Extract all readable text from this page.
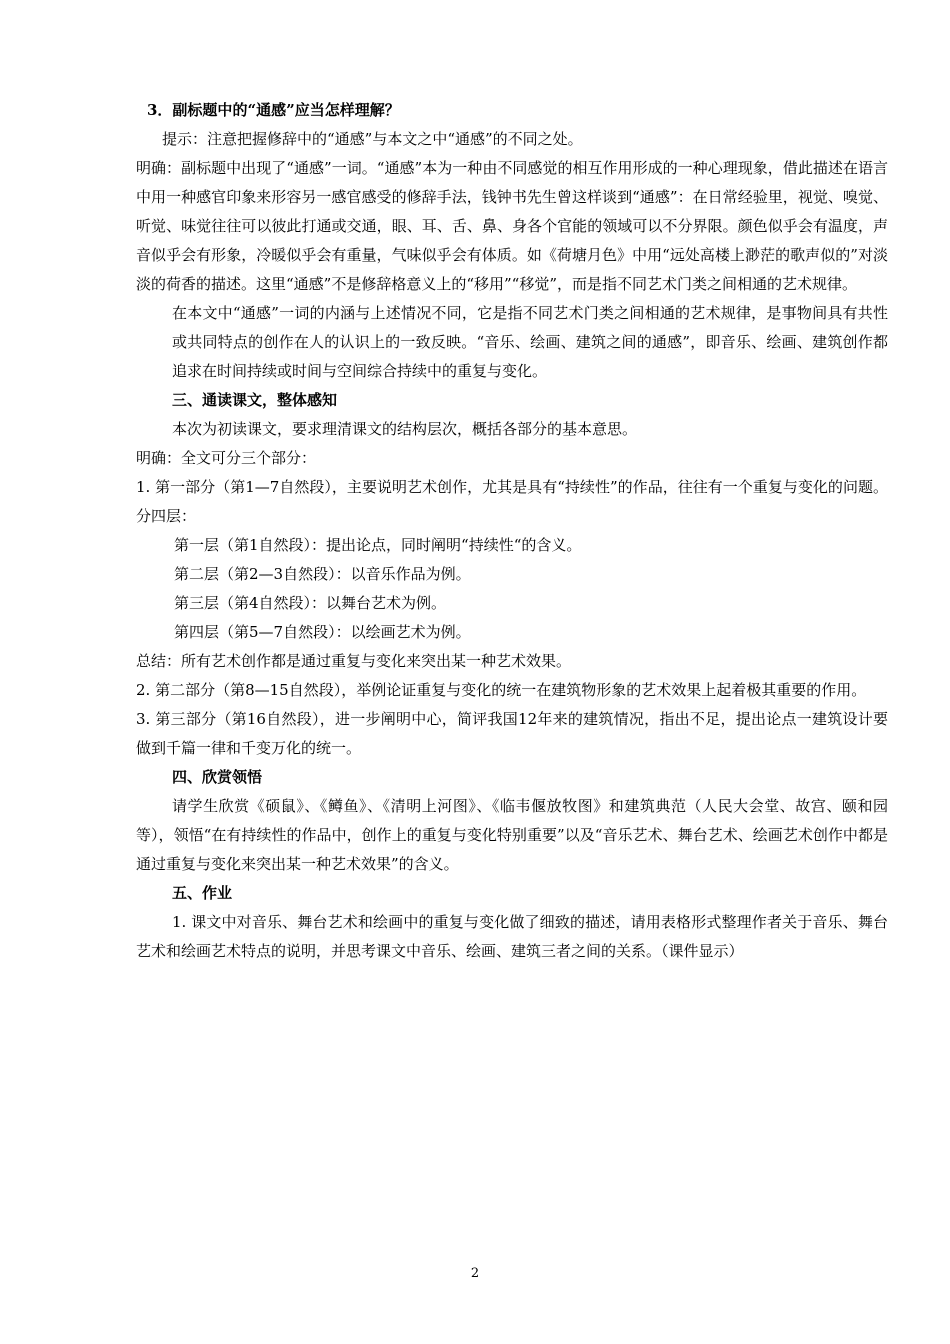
3．副标题中的“通感”应当怎样理解？

提示：注意把握修辞中的“通感”与本文之中“通感”的不同之处。

明确：副标题中出现了“通感”一词。“通感”本为一种由不同感觉的相互作用形成的一种心理现象，借此描述在语言中用一种感官印象来形容另一感官感受的修辞手法，钱钟书先生曾这样谈到“通感”：在日常经验里，视觉、嗅觉、听觉、味觉往往可以彼此打通或交通，眼、耳、舌、鼻、身各个官能的领域可以不分界限。颜色似乎会有温度，声音似乎会有形象，冷暖似乎会有重量，气味似乎会有体质。如《荷塘月色》中用“远处高楼上渺茫的歌声似的”对淡淡的荷香的描述。这里“通感”不是修辞格意义上的“移用”“移觉”，而是指不同艺术门类之间相通的艺术规律。

在本文中“通感”一词的内涵与上述情况不同，它是指不同艺术门类之间相通的艺术规律，是事物间具有共性或共同特点的创作在人的认识上的一致反映。“音乐、绘画、建筑之间的通感”，即音乐、绘画、建筑创作都追求在时间持续或时间与空间综合持续中的重复与变化。

三、通读课文，整体感知

本次为初读课文，要求理清课文的结构层次，概括各部分的基本意思。

明确：全文可分三个部分：

1. 第一部分（第1—7自然段），主要说明艺术创作，尤其是具有“持续性”的作品，往往有一个重复与变化的问题。分四层：

第一层（第1自然段）：提出论点，同时阐明“持续性“的含义。

第二层（第2—3自然段）：以音乐作品为例。

第三层（第4自然段）：以舞台艺术为例。

第四层（第5—7自然段）：以绘画艺术为例。

总结：所有艺术创作都是通过重复与变化来突出某一种艺术效果。

2. 第二部分（第8—15自然段），举例论证重复与变化的统一在建筑物形象的艺术效果上起着极其重要的作用。

3. 第三部分（第16自然段），进一步阐明中心，简评我国12年来的建筑情况，指出不足，提出论点一建筑设计要做到千篇一律和千变万化的统一。

四、欣赏领悟

请学生欣赏《硕鼠》、《鳟鱼》、《清明上河图》、《临韦偃放牧图》和建筑典范（人民大会堂、故宫、颐和园等），领悟“在有持续性的作品中，创作上的重复与变化特别重要”以及“音乐艺术、舞台艺术、绘画艺术创作中都是通过重复与变化来突出某一种艺术效果”的含义。

五、作业

1. 课文中对音乐、舞台艺术和绘画中的重复与变化做了细致的描述，请用表格形式整理作者关于音乐、舞台艺术和绘画艺术特点的说明，并思考课文中音乐、绘画、建筑三者之间的关系。（课件显示）

2
